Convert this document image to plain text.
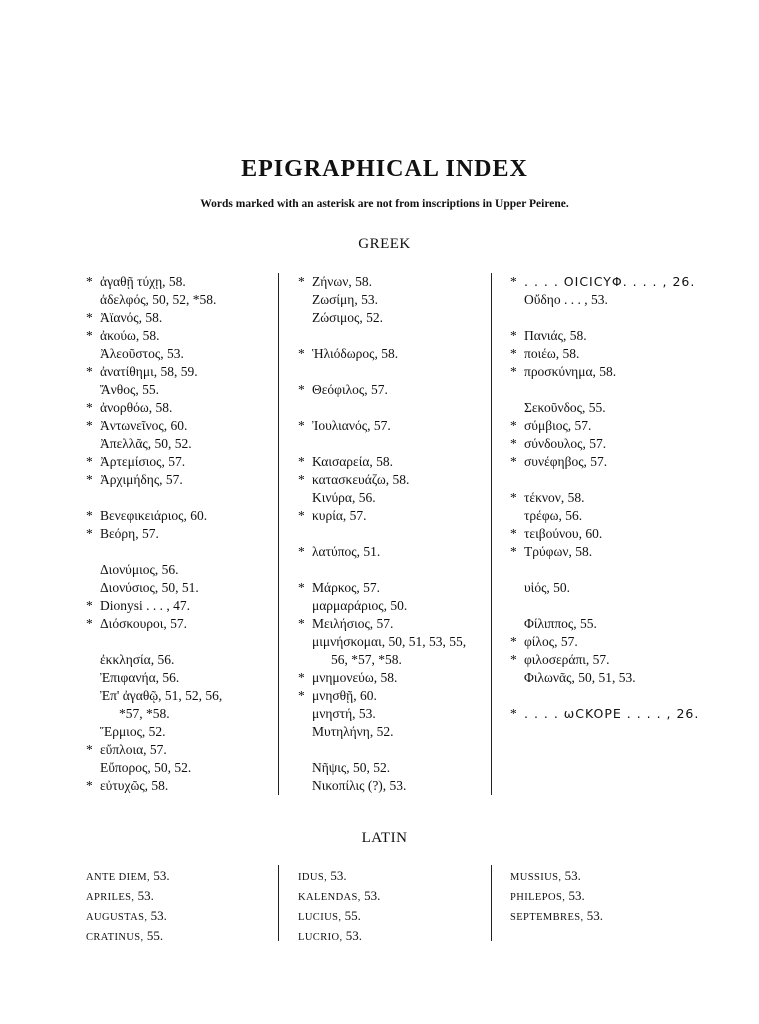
EPIGRAPHICAL INDEX
Words marked with an asterisk are not from inscriptions in Upper Peirene.
GREEK
* ἀγαθῇ τύχῃ, 58.
ἀδελφός, 50, 52, *58.
* Ἀϊανός, 58.
* ἀκούω, 58.
Ἀλεοῦστος, 53.
* ἀνατίθημι, 58, 59.
Ἄνθος, 55.
* ἀνορθόω, 58.
* Ἀντωνεῖνος, 60.
Ἀπελλᾶς, 50, 52.
* Ἀρτεμίσιος, 57.
* Ἀρχιμήδης, 57.
* Βενεφικειάριος, 60.
* Βεόρη, 57.
Διονύμιος, 56.
Διονύσιος, 50, 51.
* Dionysi . . . , 47.
* Διόσκουροι, 57.
ἐκκλησία, 56.
Ἐπιφανήα, 56.
Ἐπ' ἀγαθῷ, 51, 52, 56,
*57, *58.
Ἕρμιος, 52.
* εὔπλοια, 57.
Εὔπορος, 50, 52.
* εὐτυχῶς, 58.
* Ζήνων, 58.
Ζωσίμη, 53.
Ζώσιμος, 52.
* Ἡλιόδωρος, 58.
* Θεόφιλος, 57.
* Ἰουλιανός, 57.
* Καισαρεία, 58.
* κατασκευάζω, 58.
Κινύρα, 56.
* κυρία, 57.
* λατύπος, 51.
* Μάρκος, 57.
μαρμαράριος, 50.
* Μειλήσιος, 57.
μιμνήσκομαι, 50, 51, 53, 55,
56, *57, *58.
* μνημονεύω, 58.
* μνησθῇ, 60.
μνηστή, 53.
Μυτηλήνη, 52.
Νῆψις, 50, 52.
Νικοπίλις (?), 53.
* . . . . OICICYΦ. . . . , 26.
Οὔδηο . . . , 53.
* Πανιάς, 58.
* ποιέω, 58.
* προσκύνημα, 58.
Σεκοῦνδος, 55.
* σύμβιος, 57.
* σύνδουλος, 57.
* συνέφηβος, 57.
* τέκνον, 58.
τρέφω, 56.
* τειβούνου, 60.
* Τρύφων, 58.
υἱός, 50.
Φίλιππος, 55.
* φίλος, 57.
* φιλοσεράπι, 57.
Φιλωνᾶς, 50, 51, 53.
* . . . . ωCKOPE . . . . , 26.
LATIN
ANTE DIEM, 53.
APRILES, 53.
AUGUSTAS, 53.
CRATINUS, 55.
IDUS, 53.
KALENDAS, 53.
LUCIUS, 55.
LUCRIO, 53.
MUSSIUS, 53.
PHILEPOS, 53.
SEPTEMBRES, 53.
